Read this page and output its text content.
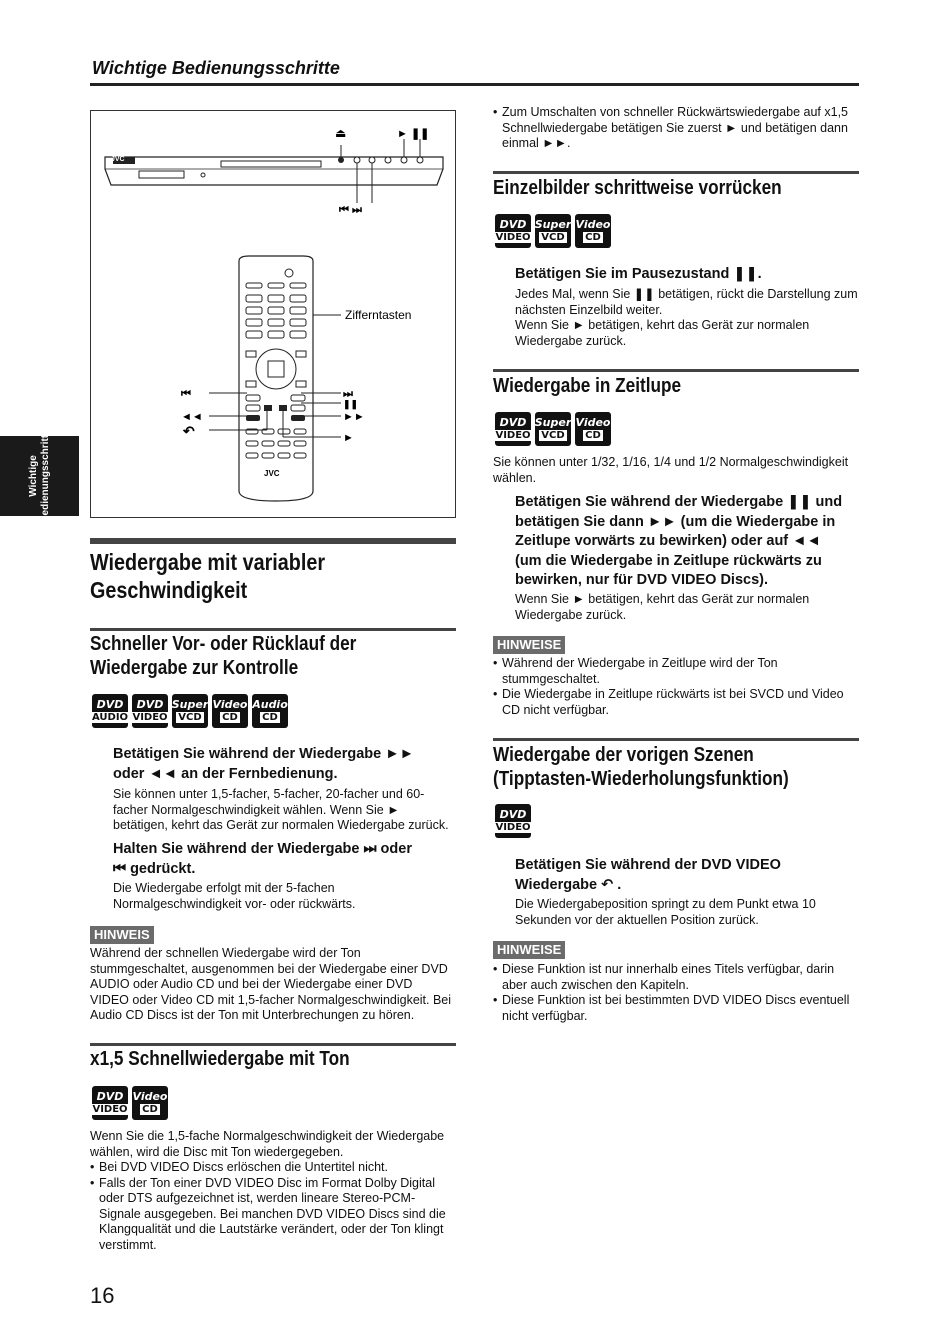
Wichtige Bedienungsschritte
Wichtige Bedienungsschritte
JVC
⏏	► ❚❚
⏮ ⏭
JVC
Zifferntasten
⏮
◄◄
↶
⏭
❚❚
►►
►
Wiedergabe mit variabler
Geschwindigkeit
Schneller Vor- oder Rücklauf der
Wiedergabe zur Kontrolle
DVD
AUDIO
DVD
VIDEO
Super
VCD
Video
CD
Audio
CD
Betätigen Sie während der Wiedergabe ►►
oder ◄◄ an der Fernbedienung.
Sie können unter 1,5-facher, 5-facher, 20-facher und 60-
facher Normalgeschwindigkeit wählen. Wenn Sie ►
betätigen, kehrt das Gerät zur normalen Wiedergabe zurück.
Halten Sie während der Wiedergabe ⏭ oder
⏮ gedrückt.
Die Wiedergabe erfolgt mit der 5-fachen
Normalgeschwindigkeit vor- oder rückwärts.
HINWEIS
Während der schnellen Wiedergabe wird der Ton
stummgeschaltet, ausgenommen bei der Wiedergabe einer DVD
AUDIO oder Audio CD und bei der Wiedergabe einer DVD
VIDEO oder Video CD mit 1,5-facher Normalgeschwindigkeit. Bei
Audio CD Discs ist der Ton mit Unterbrechungen zu hören.
x1,5 Schnellwiedergabe mit Ton
DVD
VIDEO
Video
CD
Wenn Sie die 1,5-fache Normalgeschwindigkeit der Wiedergabe
wählen, wird die Disc mit Ton wiedergegeben.
• Bei DVD VIDEO Discs erlöschen die Untertitel nicht.
• Falls der Ton einer DVD VIDEO Disc im Format Dolby Digital
oder DTS aufgezeichnet ist, werden lineare Stereo-PCM-
Signale ausgegeben. Bei manchen DVD VIDEO Discs sind die
Klangqualität und die Lautstärke verändert, oder der Ton klingt
verstimmt.
16
• Zum Umschalten von schneller Rückwärtswiedergabe auf x1,5
Schnellwiedergabe betätigen Sie zuerst ► und betätigen dann
einmal ►►.
Einzelbilder schrittweise vorrücken
DVD
VIDEO
Super
VCD
Video
CD
Betätigen Sie im Pausezustand ❚❚.
Jedes Mal, wenn Sie ❚❚ betätigen, rückt die Darstellung zum
nächsten Einzelbild weiter.
Wenn Sie ► betätigen, kehrt das Gerät zur normalen
Wiedergabe zurück.
Wiedergabe in Zeitlupe
DVD
VIDEO
Super
VCD
Video
CD
Sie können unter 1/32, 1/16, 1/4 und 1/2 Normalgeschwindigkeit
wählen.
Betätigen Sie während der Wiedergabe ❚❚ und
betätigen Sie dann ►► (um die Wiedergabe in
Zeitlupe vorwärts zu bewirken) oder auf ◄◄
(um die Wiedergabe in Zeitlupe rückwärts zu
bewirken, nur für DVD VIDEO Discs).
Wenn Sie ► betätigen, kehrt das Gerät zur normalen
Wiedergabe zurück.
HINWEISE
• Während der Wiedergabe in Zeitlupe wird der Ton
stummgeschaltet.
• Die Wiedergabe in Zeitlupe rückwärts ist bei SVCD und Video
CD nicht verfügbar.
Wiedergabe der vorigen Szenen
(Tipptasten-Wiederholungsfunktion)
DVD
VIDEO
Betätigen Sie während der DVD VIDEO
Wiedergabe ↶ .
Die Wiedergabeposition springt zu dem Punkt etwa 10
Sekunden vor der aktuellen Position zurück.
HINWEISE
• Diese Funktion ist nur innerhalb eines Titels verfügbar, darin
aber auch zwischen den Kapiteln.
• Diese Funktion ist bei bestimmten DVD VIDEO Discs eventuell
nicht verfügbar.
